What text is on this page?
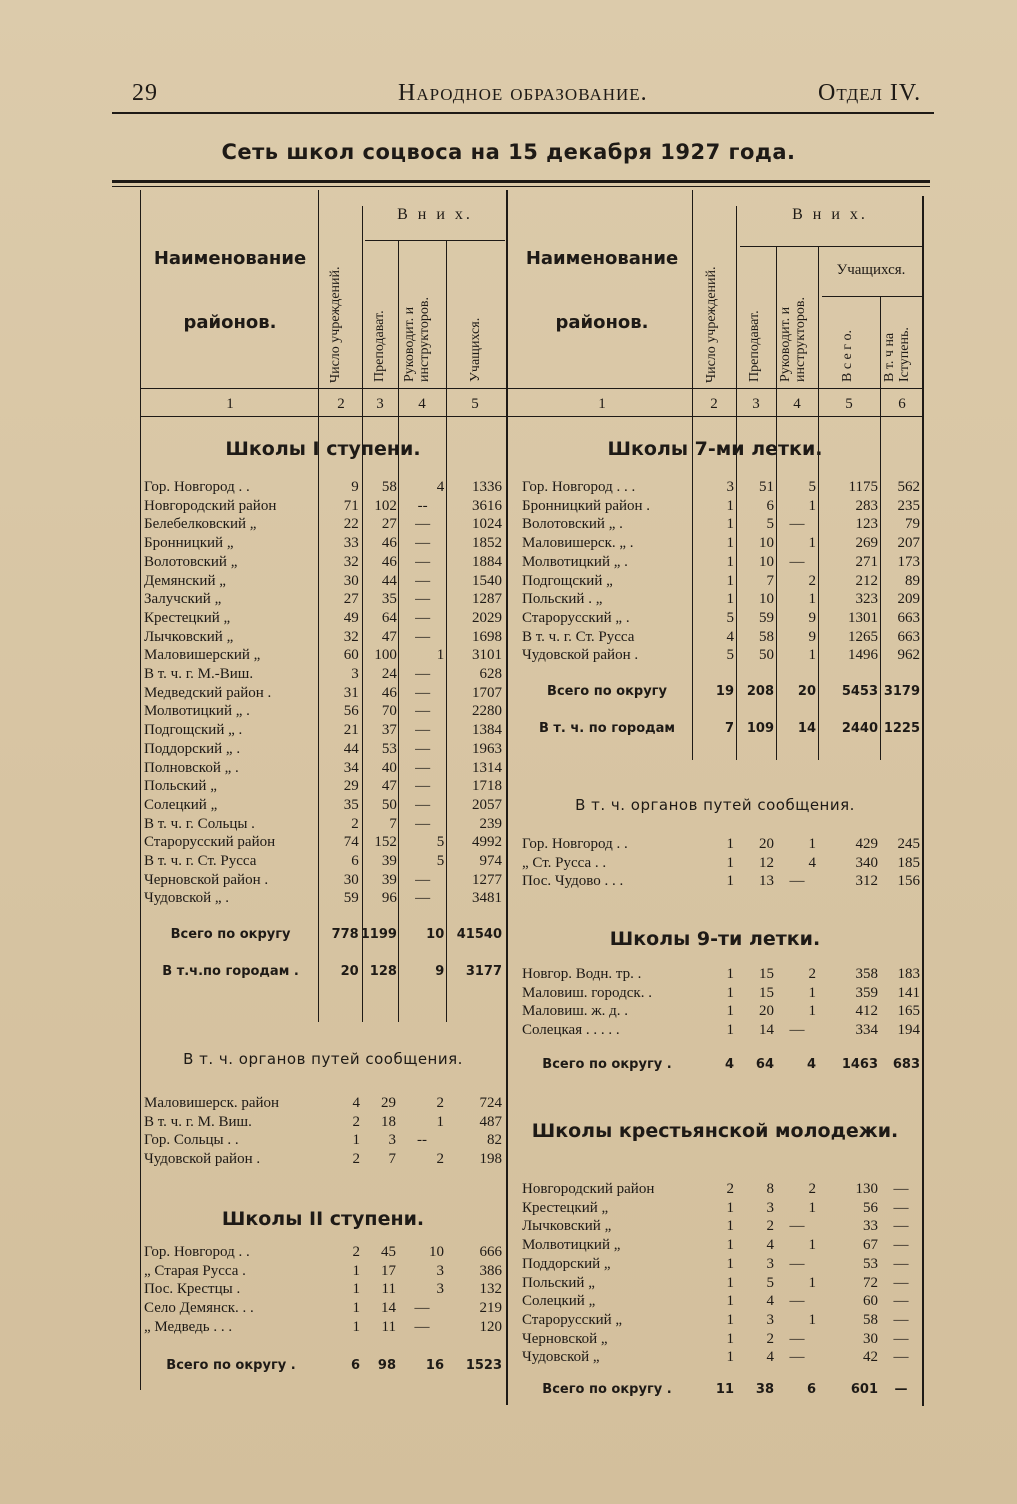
29	Народное образование.	Отдел IV.
Сеть школ соцвоса на 15 декабря 1927 года.
Наименование
районов.	Число учреждений.
В н и х.
Преподават. Руководит. и инструкторов.	Учащихся.
Наименование
районов.	Число учреждений.
В н и х.
Преподават. Руководит. и инструкторов.
Учащихся.
В с е г о. В т. ч на Iступень.
1	2	3	4	5	1	2	3	4	5	6
Школы I ступени.
Гор. Новгород . .	9	58	4	1336
Новгородский район	71	102	--	3616
Белебелковский „	22	27	—	1024
Бронницкий „	33	46	—	1852
Волотовский „	32	46	—	1884
Демянский „	30	44	—	1540
Залучский „	27	35	—	1287
Крестецкий „	49	64	—	2029
Лычковский „	32	47	—	1698
Маловишерский „	60	100	1	3101
В т. ч. г. М.-Виш.	3	24	—	628
Медведский район .	31	46	—	1707
Молвотицкий „ .	56	70	—	2280
Подгощский „ .	21	37	—	1384
Поддорский „ .	44	53	—	1963
Полновской „ .	34	40	—	1314
Польский „	29	47	—	1718
Солецкий „	35	50	—	2057
В т. ч. г. Сольцы .	2	7	—	239
Старорусский район	74	152	5	4992
В т. ч. г. Ст. Русса	6	39	5	974
Черновской район .	30	39	—	1277
Чудовской „ .	59	96	—	3481

Всего по округу	778	1199	10	41540

В т.ч.по городам .	20	128	9	3177
В т. ч. органов путей сообщения.
Маловишерск. район	4	29	2	724
В т. ч. г. М. Виш.	2	18	1	487
Гор. Сольцы . .	1	3	--	82
Чудовской район .	2	7	2	198
Школы II ступени.
Гор. Новгород . .	2	45	10	666
„ Старая Русса .	1	17	3	386
Пос. Крестцы .	1	11	3	132
Село Демянск. . .	1	14	—	219
„ Медведь . . .	1	11	—	120

Всего по округу .	6	98	16	1523
Школы 7-ми летки.
Гор. Новгород . . .	3	51	5	1175	562
Бронницкий район .	1	6	1	283	235
Волотовский „ .	1	5	—	123	79
Маловишерск. „ .	1	10	1	269	207
Молвотицкий „ .	1	10	—	271	173
Подгощский „	1	7	2	212	89
Польский . „	1	10	1	323	209
Старорусский „ .	5	59	9	1301	663
В т. ч. г. Ст. Русса	4	58	9	1265	663
Чудовской район .	5	50	1	1496	962

Всего по округу	19	208	20	5453	3179

В т. ч. по городам	7	109	14	2440	1225
В т. ч. органов путей сообщения.
Гор. Новгород . .	1	20	1	429	245
„ Ст. Русса . .	1	12	4	340	185
Пос. Чудово . . .	1	13	—	312	156
Школы 9-ти летки.
Новгор. Водн. тр. .	1	15	2	358	183
Маловиш. городск. .	1	15	1	359	141
Маловиш. ж. д. .	1	20	1	412	165
Солецкая . . . . .	1	14	—	334	194

Всего по округу .	4	64	4	1463	683
Школы крестьянской молодежи.
Новгородский район	2	8	2	130	—
Крестецкий „	1	3	1	56	—
Лычковский „	1	2	—	33	—
Молвотицкий „	1	4	1	67	—
Поддорский „	1	3	—	53	—
Польский „	1	5	1	72	—
Солецкий „	1	4	—	60	—
Старорусский „	1	3	1	58	—
Черновской „	1	2	—	30	—
Чудовской „	1	4	—	42	—

Всего по округу .	11	38	6	601	—
